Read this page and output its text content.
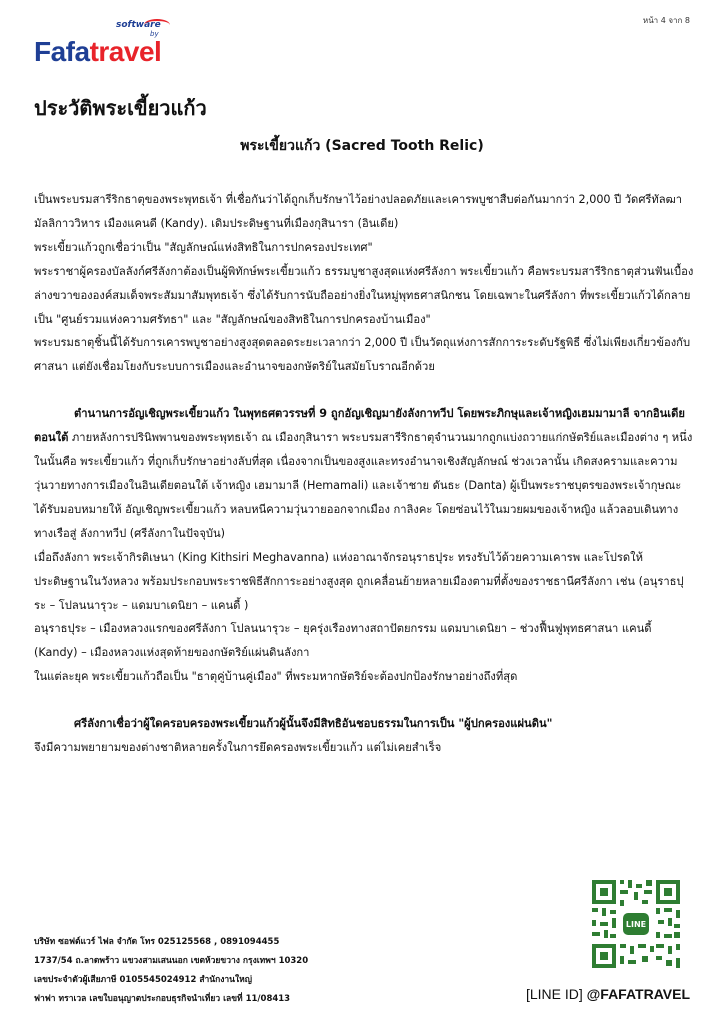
หน้า 4 จาก 8
software
by
Fafatravel
ประวัติพระเขี้ยวแก้ว
พระเขี้ยวแก้ว (Sacred Tooth Relic)

เป็นพระบรมสารีริกธาตุของพระพุทธเจ้า ที่เชื่อกันว่าได้ถูกเก็บรักษาไว้อย่างปลอดภัยและเคารพบูชาสืบต่อกันมากว่า 2,000 ปี วัดศรีทัลฒามัลลิกาววิหาร เมืองแคนดี (Kandy). เดิมประดิษฐานที่เมืองกุสินารา (อินเดีย)

พระเขี้ยวแก้วถูกเชื่อว่าเป็น "สัญลักษณ์แห่งสิทธิในการปกครองประเทศ"

พระราชาผู้ครองบัลลังก์ศรีลังกาต้องเป็นผู้พิทักษ์พระเขี้ยวแก้ว ธรรมบูชาสูงสุดแห่งศรีลังกา พระเขี้ยวแก้ว คือพระบรมสารีริกธาตุส่วนฟันเบื้องล่างขวาขององค์สมเด็จพระสัมมาสัมพุทธเจ้า ซึ่งได้รับการนับถืออย่างยิ่งในหมู่พุทธศาสนิกชน โดยเฉพาะในศรีลังกา ที่พระเขี้ยวแก้วได้กลายเป็น "ศูนย์รวมแห่งความศรัทธา" และ "สัญลักษณ์ของสิทธิในการปกครองบ้านเมือง"

พระบรมธาตุชิ้นนี้ได้รับการเคารพบูชาอย่างสูงสุดตลอดระยะเวลากว่า 2,000 ปี เป็นวัตถุแห่งการสักการะระดับรัฐพิธี ซึ่งไม่เพียงเกี่ยวข้องกับศาสนา แต่ยังเชื่อมโยงกับระบบการเมืองและอำนาจของกษัตริย์ในสมัยโบราณอีกด้วย

ตำนานการอัญเชิญพระเขี้ยวแก้ว ในพุทธศตวรรษที่ 9 ถูกอัญเชิญมายังลังกาทวีป โดยพระภิกษุและเจ้าหญิงเฮมมามาลี จากอินเดียตอนใต้ ภายหลังการปรินิพพานของพระพุทธเจ้า ณ เมืองกุสินารา พระบรมสารีริกธาตุจำนวนมากถูกแบ่งถวายแก่กษัตริย์และเมืองต่าง ๆ หนึ่งในนั้นคือ พระเขี้ยวแก้ว ที่ถูกเก็บรักษาอย่างลับที่สุด เนื่องจากเป็นของสูงและทรงอำนาจเชิงสัญลักษณ์ ช่วงเวลานั้น เกิดสงครามและความวุ่นวายทางการเมืองในอินเดียตอนใต้ เจ้าหญิง เฮมามาลี (Hemamali) และเจ้าชาย ดันธะ (Danta) ผู้เป็นพระราชบุตรของพระเจ้ากุษณะ ได้รับมอบหมายให้ อัญเชิญพระเขี้ยวแก้ว หลบหนีความวุ่นวายออกจากเมือง กาลิงคะ โดยซ่อนไว้ในมวยผมของเจ้าหญิง แล้วลอบเดินทางทางเรือสู่ ลังกาทวีป (ศรีลังกาในปัจจุบัน)

เมื่อถึงลังกา พระเจ้ากิรติเษนา (King Kithsiri Meghavanna) แห่งอาณาจักรอนุราธปุระ ทรงรับไว้ด้วยความเคารพ และโปรดให้ประดิษฐานในวังหลวง พร้อมประกอบพระราชพิธีสักการะอย่างสูงสุด ถูกเคลื่อนย้ายหลายเมืองตามที่ตั้งของราชธานีศรีลังกา เช่น (อนุราธปุระ – โปลนนารุวะ – แดมบาเดนิยา – แคนดี้ )

อนุราธปุระ – เมืองหลวงแรกของศรีลังกา โปลนนารุวะ – ยุครุ่งเรืองทางสถาปัตยกรรม แดมบาเดนิยา – ช่วงฟื้นฟูพุทธศาสนา แคนดี้ (Kandy) – เมืองหลวงแห่งสุดท้ายของกษัตริย์แผ่นดินลังกา

ในแต่ละยุค พระเขี้ยวแก้วถือเป็น "ธาตุคู่บ้านคู่เมือง" ที่พระมหากษัตริย์จะต้องปกป้องรักษาอย่างถึงที่สุด

ศรีลังกาเชื่อว่าผู้ใดครอบครองพระเขี้ยวแก้วผู้นั้นจึงมีสิทธิอันชอบธรรมในการเป็น "ผู้ปกครองแผ่นดิน"

จึงมีความพยายามของต่างชาติหลายครั้งในการยึดครองพระเขี้ยวแก้ว แต่ไม่เคยสำเร็จ

บริษัท ซอฟต์แวร์ ไฟล จำกัด โทร 025125568 , 0891094455
1737/54 ถ.ลาดพร้าว แขวงสามเสนนอก เขตห้วยขวาง กรุงเทพฯ 10320
เลขประจำตัวผู้เสียภาษี 0105545024912 สำนักงานใหญ่
ฟาฟา ทราเวล เลขใบอนุญาตประกอบธุรกิจนำเที่ยว เลขที่ 11/08413
LINE
[LINE ID] @FAFATRAVEL
